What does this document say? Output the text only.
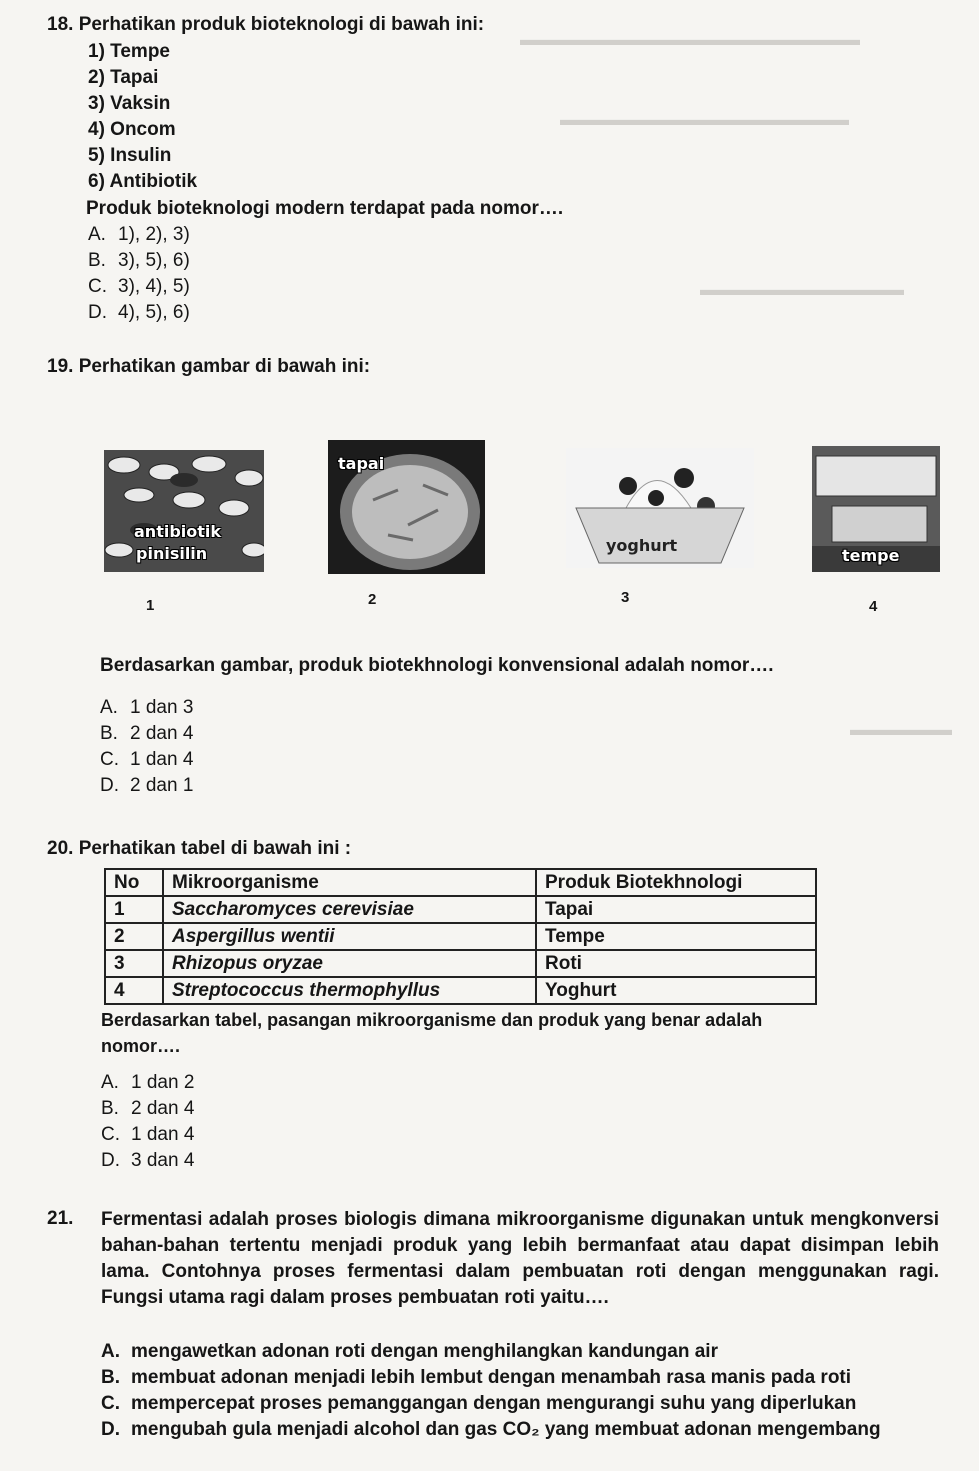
▬▬▬▬▬▬▬▬▬▬▬▬▬▬▬▬▬▬▬▬
▬▬▬▬▬▬▬▬▬▬▬▬▬▬▬▬▬
▬▬▬▬▬▬▬▬▬▬▬▬
▬▬▬▬▬▬
18. Perhatikan produk bioteknologi di bawah ini:
1) Tempe
2) Tapai
3) Vaksin
4) Oncom
5) Insulin
6) Antibiotik
Produk bioteknologi modern terdapat pada nomor….
A. 1), 2), 3)
B. 3), 5), 6)
C. 3), 4), 5)
D. 4), 5), 6)
19. Perhatikan gambar di bawah ini:
antibiotik
pinisilin
1
tapai
2
yoghurt
3
tempe
4
Berdasarkan gambar, produk biotekhnologi konvensional adalah nomor….
A. 1 dan 3
B. 2 dan 4
C. 1 dan 4
D. 2 dan 1
20. Perhatikan tabel di bawah ini :
No	Mikroorganisme	Produk Biotekhnologi
1	Saccharomyces cerevisiae	Tapai
2	Aspergillus wentii	Tempe
3	Rhizopus oryzae	Roti
4	Streptococcus thermophyllus	Yoghurt
Berdasarkan tabel, pasangan mikroorganisme dan produk yang benar adalah
nomor….
A. 1 dan 2
B. 2 dan 4
C. 1 dan 4
D. 3 dan 4
21. Fermentasi adalah proses biologis dimana mikroorganisme digunakan untuk mengkonversi bahan-bahan tertentu menjadi produk yang lebih bermanfaat atau dapat disimpan lebih lama. Contohnya proses fermentasi dalam pembuatan roti dengan menggunakan ragi. Fungsi utama ragi dalam proses pembuatan roti yaitu….
A. mengawetkan adonan roti dengan menghilangkan kandungan air
B. membuat adonan menjadi lebih lembut dengan menambah rasa manis pada roti
C. mempercepat proses pemanggangan dengan mengurangi suhu yang diperlukan
D. mengubah gula menjadi alcohol dan gas CO₂ yang membuat adonan mengembang
